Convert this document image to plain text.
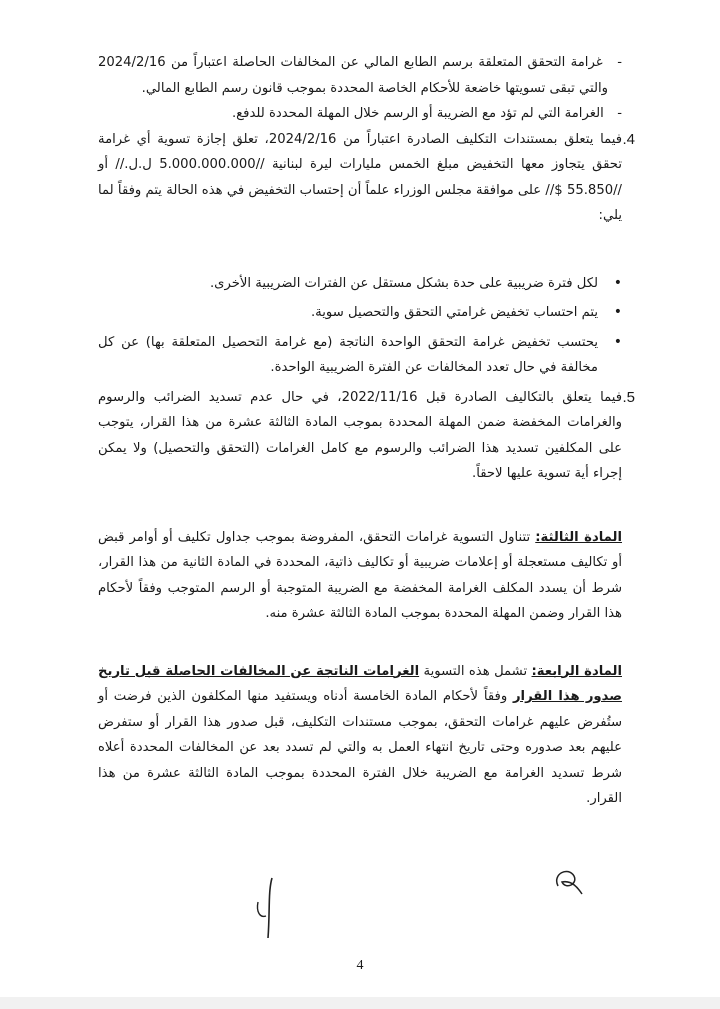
- غرامة التحقق المتعلقة برسم الطابع المالي عن المخالفات الحاصلة اعتباراً من 2024/2/16 والتي تبقى تسويتها خاضعة للأحكام الخاصة المحددة بموجب قانون رسم الطابع المالي.

- الغرامة التي لم تؤد مع الضريبة أو الرسم خلال المهلة المحددة للدفع.

4.
فيما يتعلق بمستندات التكليف الصادرة اعتباراً من 2024/2/16، تعلق إجازة تسوية أي غرامة تحقق يتجاوز معها التخفيض مبلغ الخمس مليارات ليرة لبنانية //5.000.000.000 ل.ل.// أو //55.850 $// على موافقة مجلس الوزراء علماً أن إحتساب التخفيض في هذه الحالة يتم وفقاً لما يلي:

• لكل فترة ضريبية على حدة بشكل مستقل عن الفترات الضريبية الأخرى.
• يتم احتساب تخفيض غرامتي التحقق والتحصيل سوية.
• يحتسب تخفيض غرامة التحقق الواحدة الناتجة (مع غرامة التحصيل المتعلقة بها) عن كل مخالفة في حال تعدد المخالفات عن الفترة الضريبية الواحدة.

5.
فيما يتعلق بالتكاليف الصادرة قبل 2022/11/16، في حال عدم تسديد الضرائب والرسوم والغرامات المخفضة ضمن المهلة المحددة بموجب المادة الثالثة عشرة من هذا القرار، يتوجب على المكلفين تسديد هذا الضرائب والرسوم مع كامل الغرامات (التحقق والتحصيل) ولا يمكن إجراء أية تسوية عليها لاحقاً.

المادة الثالثة: تتناول التسوية غرامات التحقق، المفروضة بموجب جداول تكليف أو أوامر قبض أو تكاليف مستعجلة أو إعلامات ضريبية أو تكاليف ذاتية، المحددة في المادة الثانية من هذا القرار، شرط أن يسدد المكلف الغرامة المخفضة مع الضريبة المتوجبة أو الرسم المتوجب وفقاً لأحكام هذا القرار وضمن المهلة المحددة بموجب المادة الثالثة عشرة منه.

المادة الرابعة: تشمل هذه التسوية الغرامات الناتجة عن المخالفات الحاصلة قبل تاريخ صدور هذا القرار وفقاً لأحكام المادة الخامسة أدناه ويستفيد منها المكلفون الذين فرضت أو ستُفرض عليهم غرامات التحقق، بموجب مستندات التكليف، قبل صدور هذا القرار أو ستفرض عليهم بعد صدوره وحتى تاريخ انتهاء العمل به والتي لم تسدد بعد عن المخالفات المحددة أعلاه شرط تسديد الغرامة مع الضريبة خلال الفترة المحددة بموجب المادة الثالثة عشرة من هذا القرار.

4
